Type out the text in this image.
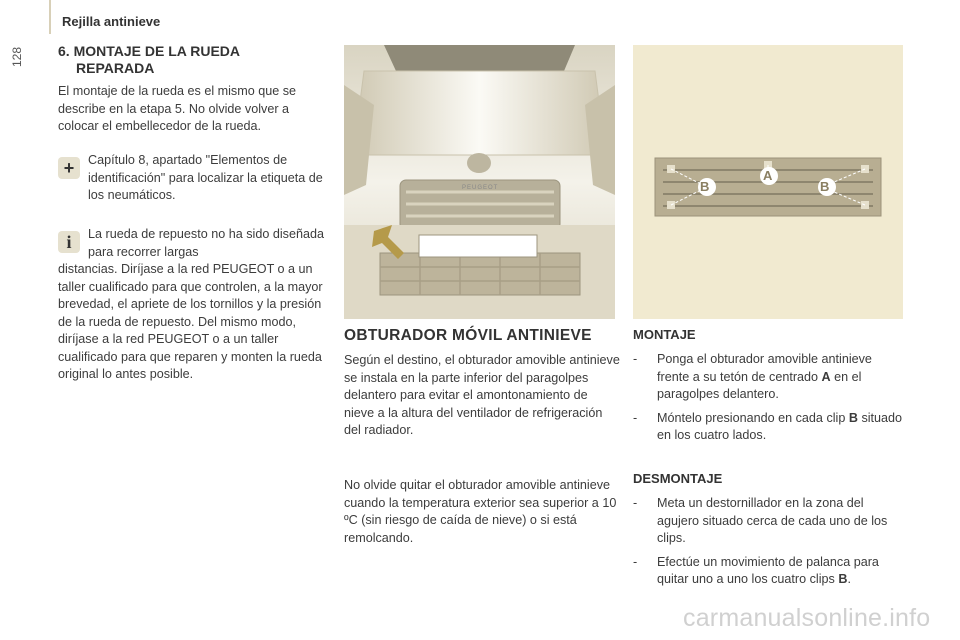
128
Rejilla antinieve
6. MONTAJE DE LA RUEDA
REPARADA
El montaje de la rueda es el mismo que se describe en la etapa 5. No olvide volver a colocar el embellecedor de la rueda.
+	Capítulo 8, apartado "Elementos de identificación" para localizar la etiqueta de los neumáticos.
i	La rueda de repuesto no ha sido diseñada para recorrer largas
distancias. Diríjase a la red PEUGEOT o a un taller cualificado para que controlen, a la mayor brevedad, el apriete de los tornillos y la presión de la rueda de repuesto. Del mismo modo, diríjase a la red PEUGEOT o a un taller cualificado para que reparen y monten la rueda original lo antes posible.
PEUGEOT	B
A
B
OBTURADOR MÓVIL ANTINIEVE
Según el destino, el obturador amovible antinieve se instala en la parte inferior del paragolpes delantero para evitar el amontonamiento de nieve a la altura del ventilador de refrigeración del radiador.
No olvide quitar el obturador amovible antinieve cuando la temperatura exterior sea superior a 10 ºC (sin riesgo de caída de nieve) o si está remolcando.
MONTAJE
- Ponga el obturador amovible antinieve frente a su tetón de centrado A en el paragolpes delantero.
- Móntelo presionando en cada clip B situado en los cuatro lados.
DESMONTAJE
- Meta un destornillador en la zona del agujero situado cerca de cada uno de los clips.
- Efectúe un movimiento de palanca para quitar uno a uno los cuatro clips B.
carmanualsonline.info
